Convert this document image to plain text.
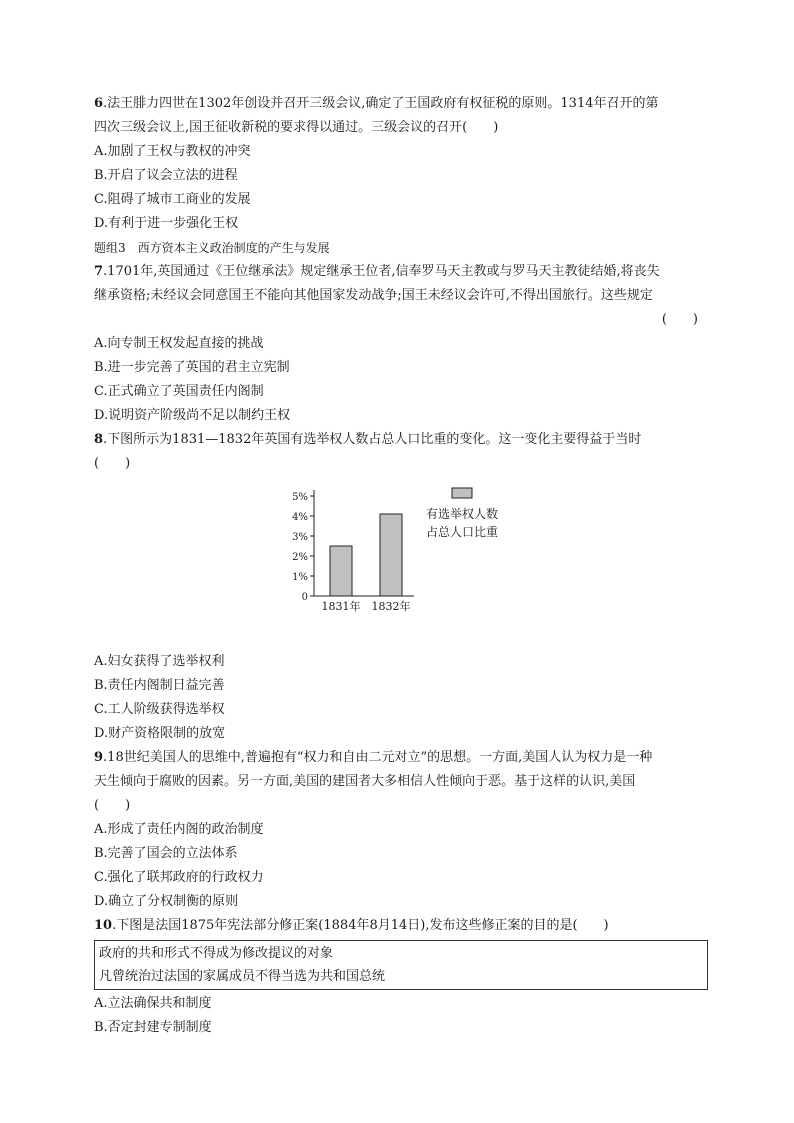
6.法王腓力四世在1302年创设并召开三级会议,确定了王国政府有权征税的原则。1314年召开的第
四次三级会议上,国王征收新税的要求得以通过。三级会议的召开(　　)
A.加剧了王权与教权的冲突
B.开启了议会立法的进程
C.阻碍了城市工商业的发展
D.有利于进一步强化王权
题组3　西方资本主义政治制度的产生与发展
7.1701年,英国通过《王位继承法》规定继承王位者,信奉罗马天主教或与罗马天主教徒结婚,将丧失
继承资格;未经议会同意国王不能向其他国家发动战争;国王未经议会许可,不得出国旅行。这些规定
(　　)
A.向专制王权发起直接的挑战
B.进一步完善了英国的君主立宪制
C.正式确立了英国责任内阁制
D.说明资产阶级尚不足以制约王权
8.下图所示为1831—1832年英国有选举权人数占总人口比重的变化。这一变化主要得益于当时
(　　)
0
1%
2%
3%
4%
5%
1831年 1832年
有选举权人数
占总人口比重
A.妇女获得了选举权利
B.责任内阁制日益完善
C.工人阶级获得选举权
D.财产资格限制的放宽
9.18世纪美国人的思维中,普遍抱有“权力和自由二元对立”的思想。一方面,美国人认为权力是一种
天生倾向于腐败的因素。另一方面,美国的建国者大多相信人性倾向于恶。基于这样的认识,美国
(　　)
A.形成了责任内阁的政治制度
B.完善了国会的立法体系
C.强化了联邦政府的行政权力
D.确立了分权制衡的原则
10.下图是法国1875年宪法部分修正案(1884年8月14日),发布这些修正案的目的是(　　)
政府的共和形式不得成为修改提议的对象
凡曾统治过法国的家属成员不得当选为共和国总统
A.立法确保共和制度
B.否定封建专制制度
